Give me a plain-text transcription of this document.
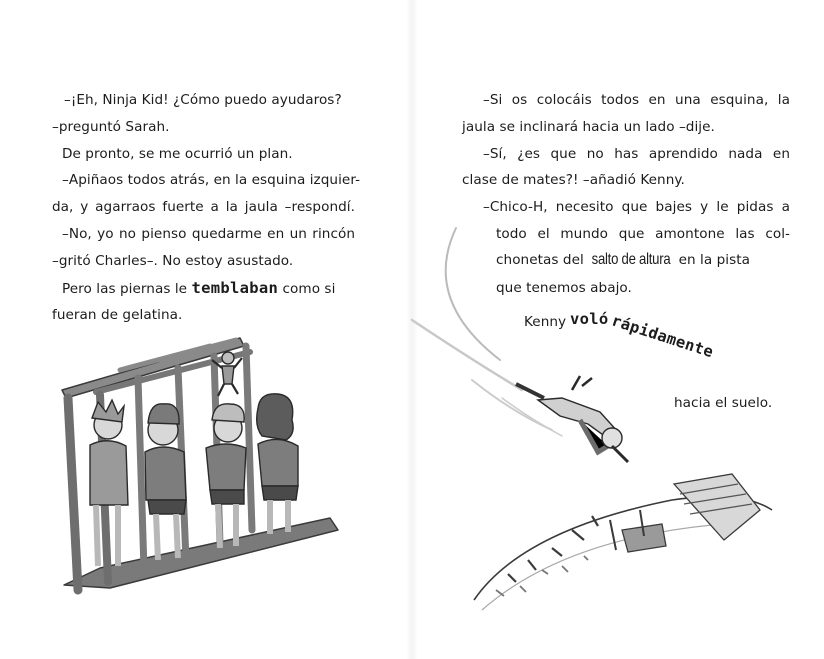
–¡Eh, Ninja Kid! ¿Cómo puedo ayudaros?
–preguntó Sarah.
De pronto, se me ocurrió un plan.
–Apiñaos todos atrás, en la esquina izquier-
da, y agarraos fuerte a la jaula –respondí.
–No, yo no pienso quedarme en un rincón
–gritó Charles–. No estoy asustado.
Pero las piernas le temblaban como si
fueran de gelatina.
–Si os colocáis todos en una esquina, la
jaula se inclinará hacia un lado –dije.
–Sí, ¿es que no has aprendido nada en
clase de mates?! –añadió Kenny.
–Chico-H, necesito que bajes y le pidas a
todo el mundo que amontone las col-
chonetas del salto de altura en la pista
que tenemos abajo.
Kenny voló rápidamente
hacia el suelo.
